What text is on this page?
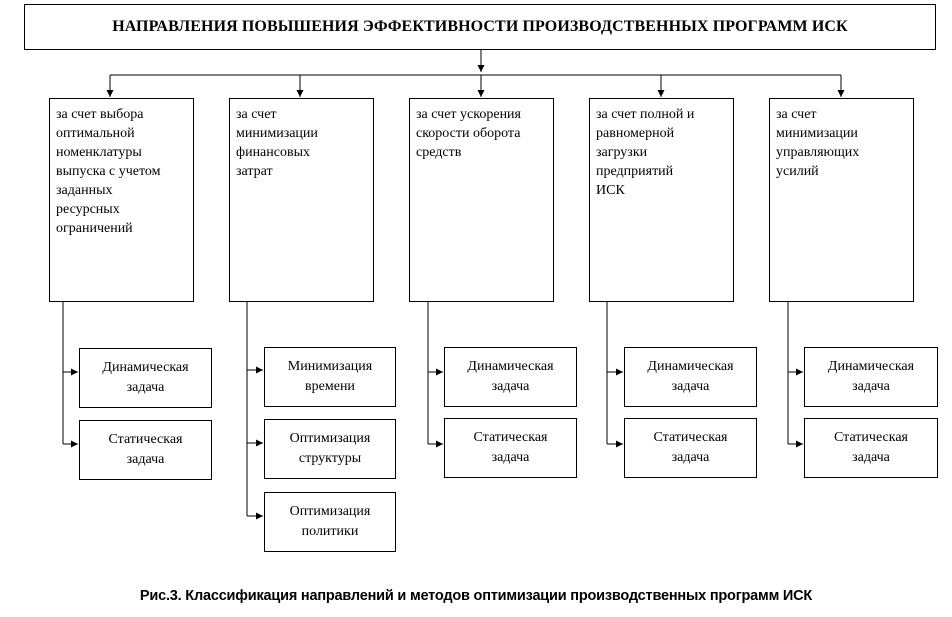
НАПРАВЛЕНИЯ ПОВЫШЕНИЯ ЭФФЕКТИВНОСТИ ПРОИЗВОДСТВЕННЫХ ПРОГРАММ ИСК
за счет выбора
оптимальной
номенклатуры
выпуска с учетом
заданных
ресурсных
ограничений
за счет
минимизации
финансовых
затрат
за счет ускорения
скорости оборота
средств
за счет полной и
равномерной
загрузки
предприятий
ИСК
за счет
минимизации
управляющих
усилий
Динамическая
задача
Статическая
задача
Минимизация
времени
Оптимизация
структуры
Оптимизация
политики
Динамическая
задача
Статическая
задача
Динамическая
задача
Статическая
задача
Динамическая
задача
Статическая
задача
Рис.3. Классификация направлений и методов оптимизации производственных программ ИСК
